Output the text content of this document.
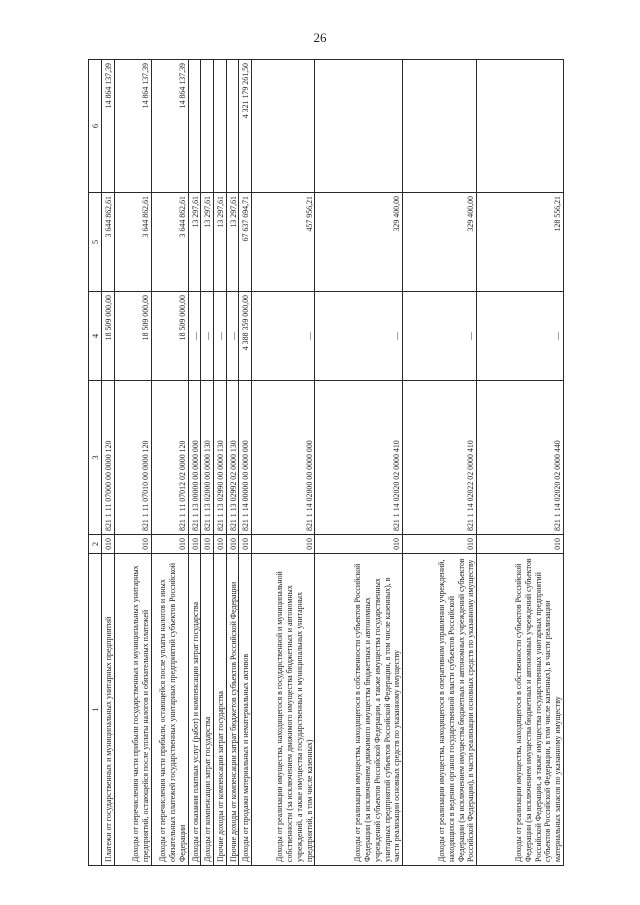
26
1	2	3	4	5	6
Платежи от государственных и муниципальных унитарных предприятий	010	821 1 11 07000 00 0000 120	18 509 000,00	3 644 862,61	14 864 137,39
Доходы от перечисления части прибыли государственных и муниципальных унитарных предприятий, остающейся после уплаты налогов и обязательных платежей	010	821 1 11 07010 00 0000 120	18 509 000,00	3 644 862,61	14 864 137,39
Доходы от перечисления части прибыли, остающейся после уплаты налогов и иных обязательных платежей государственных унитарных предприятий субъектов Российской Федерации	010	821 1 11 07012 02 0000 120	18 509 000,00	3 644 862,61	14 864 137,39
Доходы от оказания платных услуг (работ) и компенсации затрат государства	010	821 1 13 00000 00 0000 000	—	13 297,61	
Доходы от компенсации затрат государства	010	821 1 13 02000 00 0000 130	—	13 297,61	
Прочие доходы от компенсации затрат государства	010	821 1 13 02990 00 0000 130	—	13 297,61	
Прочие доходы от компенсации затрат бюджетов субъектов Российской Федерации	010	821 1 13 02992 02 0000 130	—	13 297,61	
Доходы от продажи материальных и нематериальных активов	010	821 1 14 00000 00 0000 000	4 388 359 000,00	67 637 694,71	4 321 179 261,50
Доходы от реализации имущества, находящегося в государственной и муниципальной собственности (за исключением движимого имущества бюджетных и автономных учреждений, а также имущества государственных и муниципальных унитарных предприятий, в том числе казенных)	010	821 1 14 02000 00 0000 000	—	457 956,21	
Доходы от реализации имущества, находящегося в собственности субъектов Российской Федерации (за исключением движимого имущества бюджетных и автономных учреждений субъектов Российской Федерации, а также имущества государственных унитарных предприятий субъектов Российской Федерации, в том числе казенных), в части реализации основных средств по указанному имуществу	010	821 1 14 02020 02 0000 410	—	329 400,00	
Доходы от реализации имущества, находящегося в оперативном управлении учреждений, находящихся в ведении органов государственной власти субъектов Российской Федерации (за исключением имущества бюджетных и автономных учреждений субъектов Российской Федерации), в части реализации основных средств по указанному имуществу	010	821 1 14 02022 02 0000 410	—	329 400,00	
Доходы от реализации имущества, находящегося в собственности субъектов Российской Федерации (за исключением имущества бюджетных и автономных учреждений субъектов Российской Федерации, а также имущества государственных унитарных предприятий субъектов Российской Федерации, в том числе казенных), в части реализации материальных запасов по указанному имуществу	010	821 1 14 02020 02 0000 440	—	128 556,21	
